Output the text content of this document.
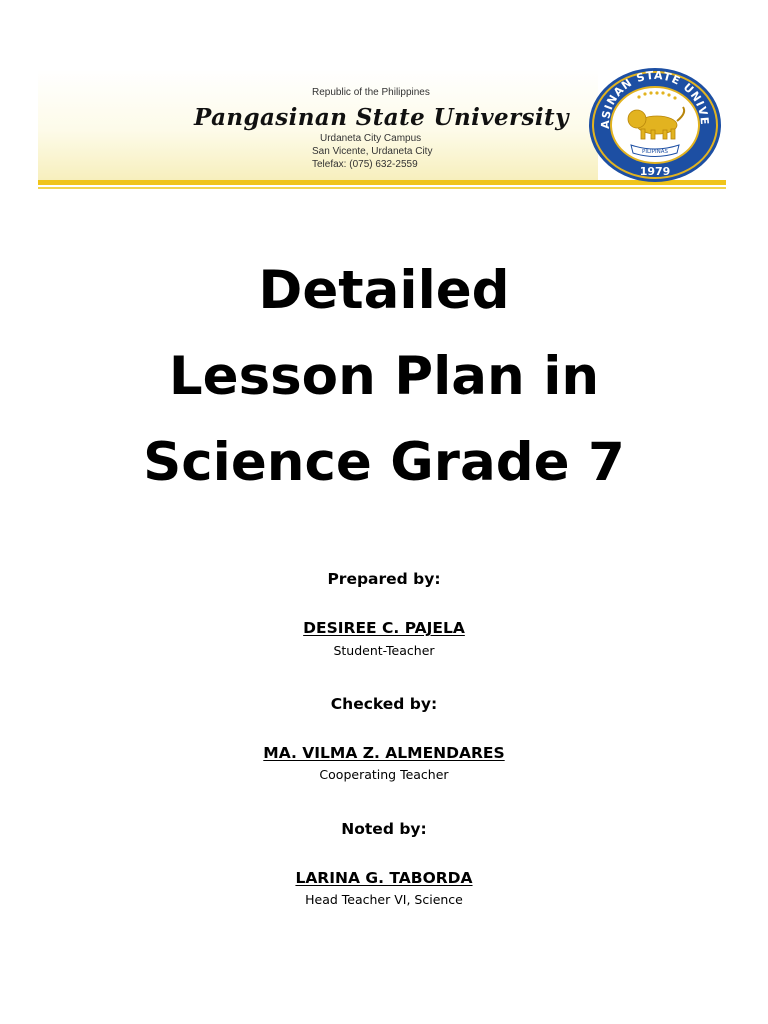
Republic of the Philippines
Pangasinan State University
Urdaneta City Campus
San Vicente, Urdaneta City
Telefax: (075) 632-2559
ASINAN STATE UNIVE
PILIPINAS
1979
Detailed
Lesson Plan in
Science Grade 7
Prepared by:
DESIREE C. PAJELA
Student-Teacher
Checked by:
MA. VILMA Z. ALMENDARES
Cooperating Teacher
Noted by:
LARINA G. TABORDA
Head Teacher VI, Science
